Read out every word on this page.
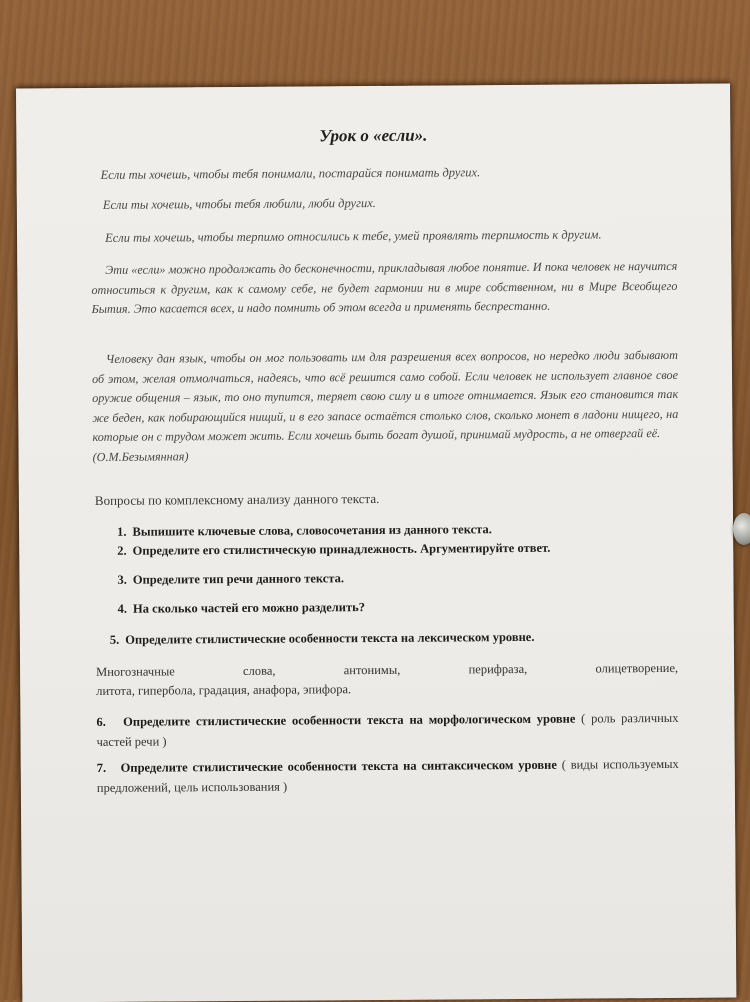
Урок о «если».
Если ты хочешь, чтобы тебя понимали, постарайся понимать других.
Если ты хочешь, чтобы тебя любили, люби других.
Если ты хочешь, чтобы терпимо относились к тебе, умей проявлять терпимость к другим.

Эти «если» можно продолжать до бесконечности, прикладывая любое понятие. И пока человек не научится относиться к другим, как к самому себе, не будет гармонии ни в мире собственном, ни в Мире Всеобщего Бытия. Это касается всех, и надо помнить об этом всегда и применять беспрестанно.

Человеку дан язык, чтобы он мог пользовать им для разрешения всех вопросов, но нередко люди забывают об этом, желая отмолчаться, надеясь, что всё решится само собой. Если человек не использует главное свое оружие общения – язык, то оно тупится, теряет свою силу и в итоге отнимается. Язык его становится так же беден, как побирающийся нищий, и в его запасе остаётся столько слов, сколько монет в ладони нищего, на которые он с трудом может жить. Если хочешь быть богат душой, принимай мудрость, а не отвергай её.

(О.М.Безымянная)
Вопросы по комплексному анализу данного текста.
1. Выпишите ключевые слова, словосочетания из данного текста.
2. Определите его стилистическую принадлежность. Аргументируйте ответ.
3. Определите тип речи данного текста.
4. На сколько частей его можно разделить?
5. Определите стилистические особенности текста на лексическом уровне.
Многозначные	слова,	антонимы,	перифраза,	олицетворение,
литота, гипербола, градация, анафора, эпифора.

6. Определите стилистические особенности текста на морфологическом уровне ( роль различных частей речи )

7. Определите стилистические особенности текста на синтаксическом уровне ( виды используемых предложений, цель использования )
